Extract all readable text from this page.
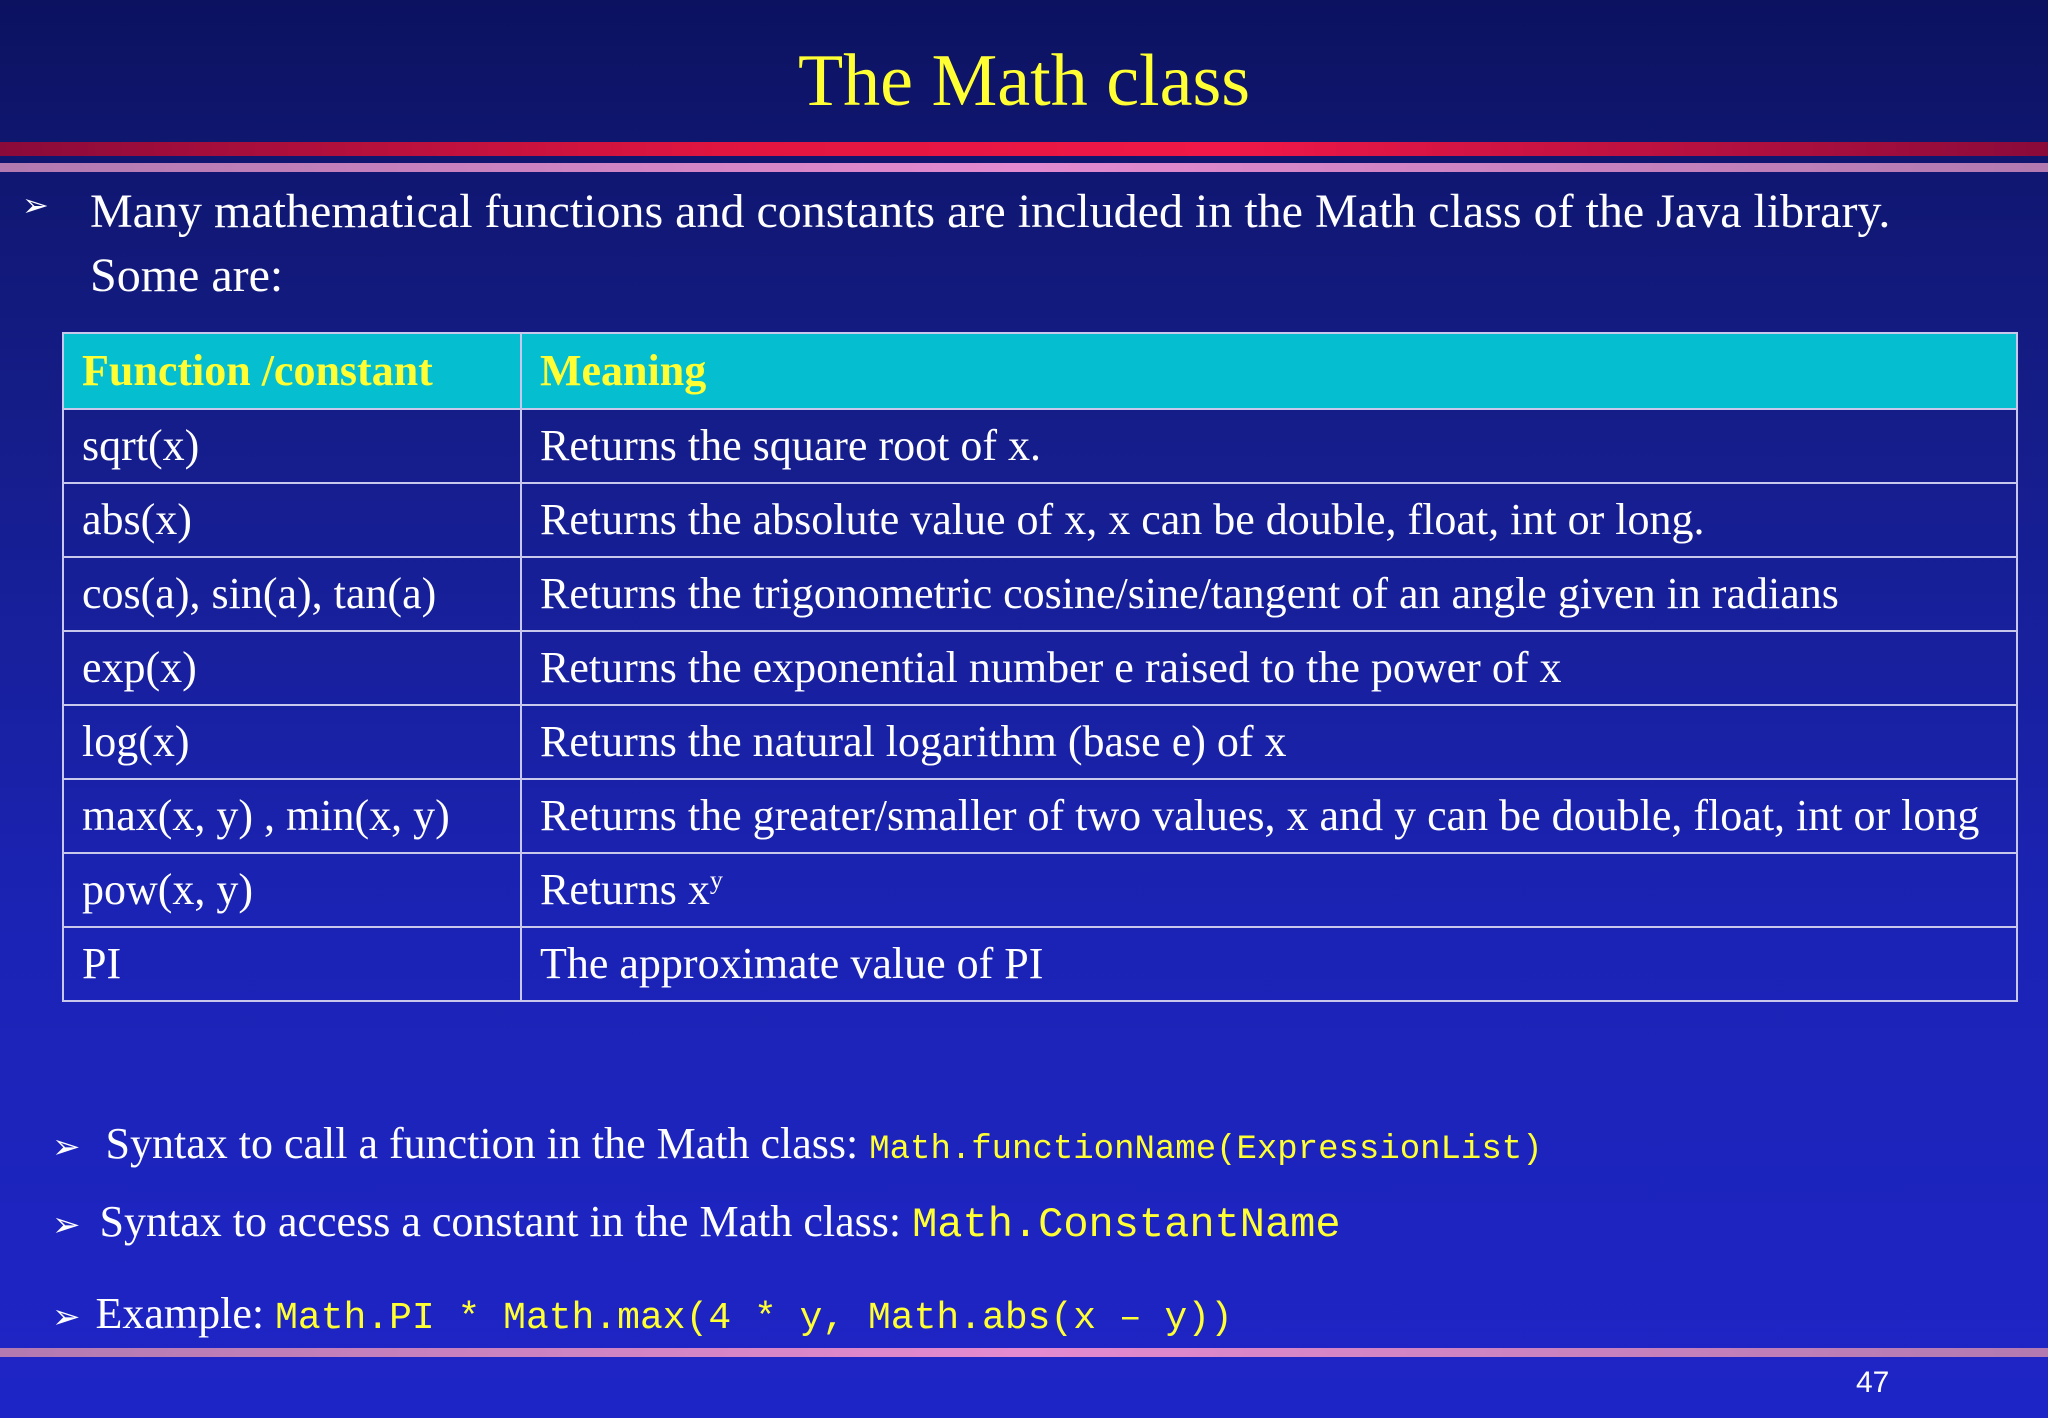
The Math class
➢ Many mathematical functions and constants are included in the Math class of the Java library. Some are:
Function /constant	Meaning
sqrt(x)	Returns the square root of x.
abs(x)	Returns the absolute value of x, x can be double, float, int or long.
cos(a), sin(a), tan(a)	Returns the trigonometric cosine/sine/tangent of an angle given in radians
exp(x)	Returns the exponential number e raised to the power of x
log(x)	Returns the natural logarithm (base e) of x
max(x, y) , min(x, y)	Returns the greater/smaller of two values, x and y can be double, float, int or long
pow(x, y)	Returns $x^y$
PI	The approximate value of PI
➢ Syntax to call a function in the Math class: Math.functionName(ExpressionList)
➢ Syntax to access a constant in the Math class: Math.ConstantName
➢ Example: Math.PI * Math.max(4 * y, Math.abs(x – y))
47
